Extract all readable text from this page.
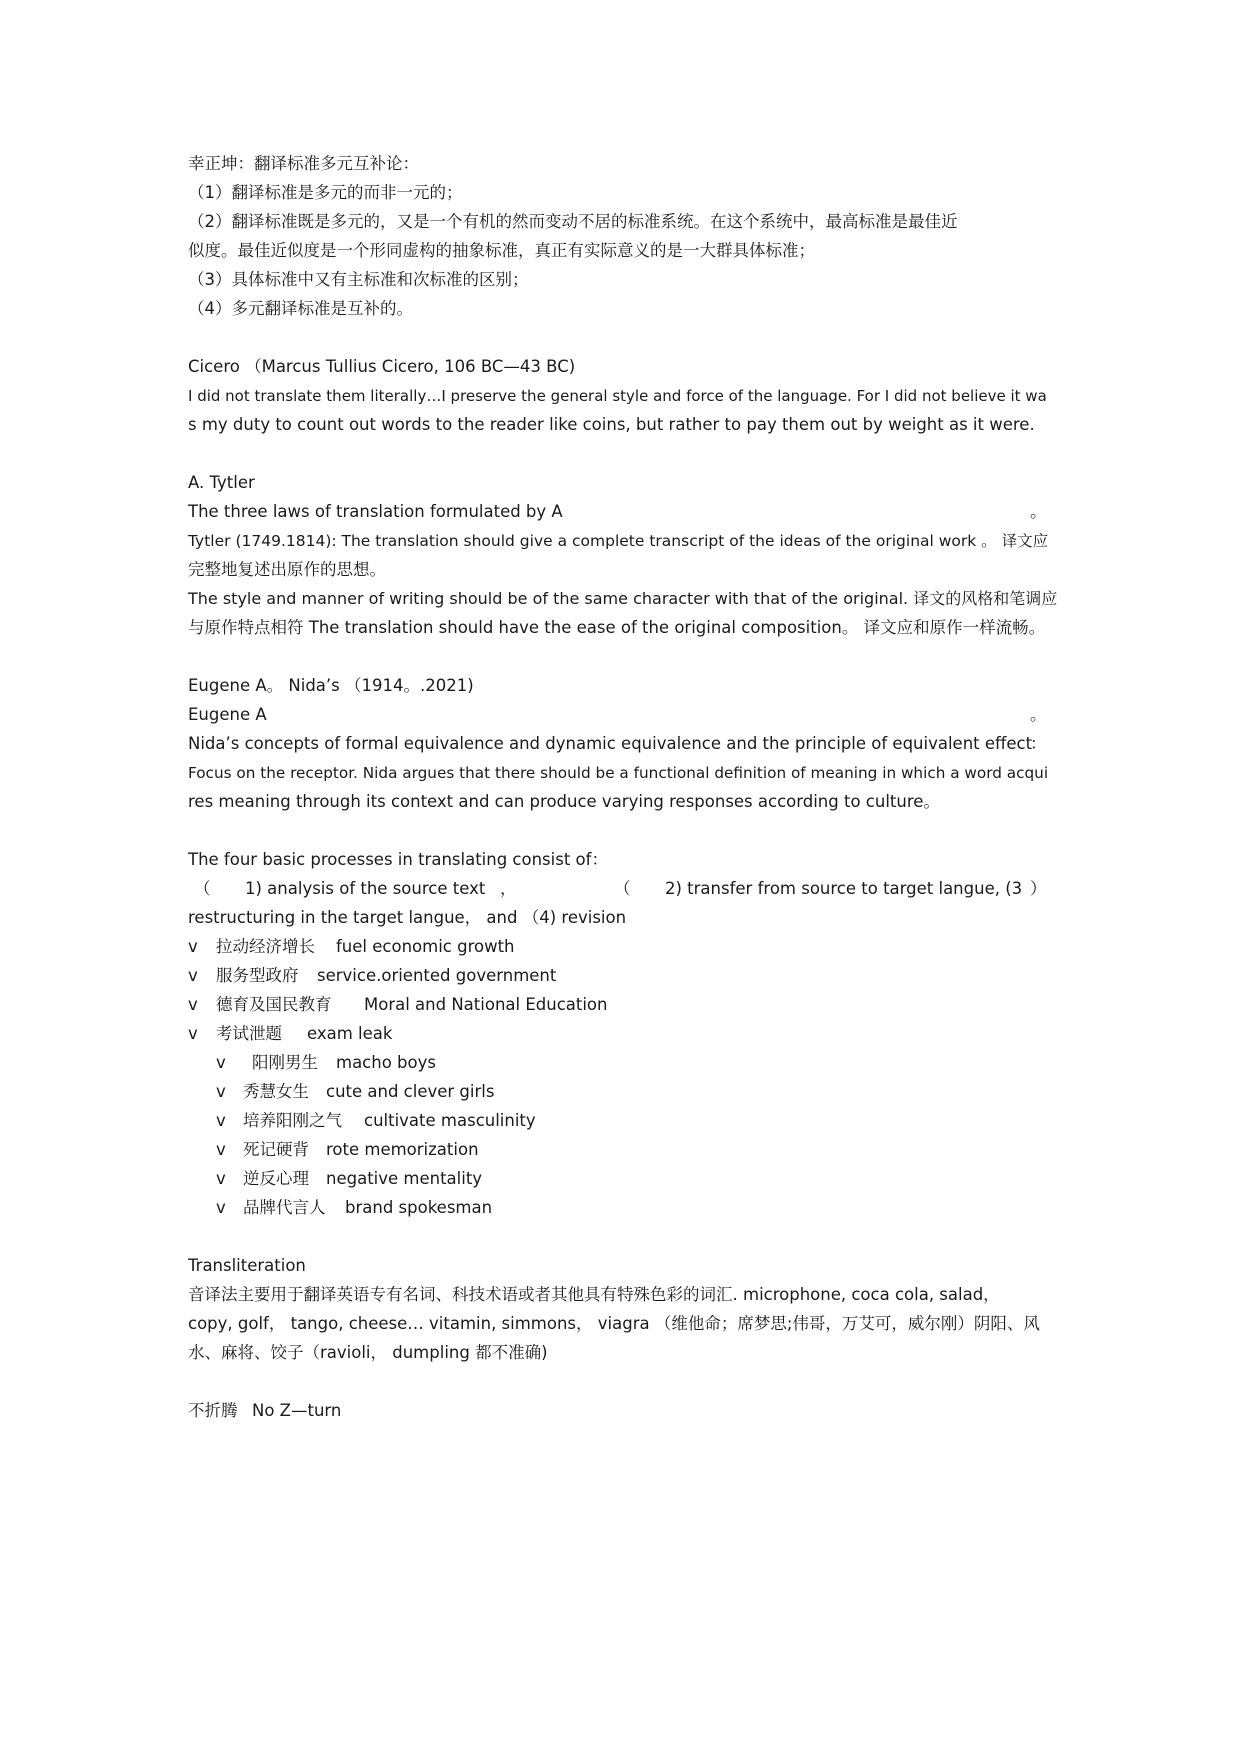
幸正坤：翻译标准多元互补论：
（1）翻译标准是多元的而非一元的；
（2）翻译标准既是多元的，又是一个有机的然而变动不居的标准系统。在这个系统中，最高标准是最佳近
似度。最佳近似度是一个形同虚构的抽象标准，真正有实际意义的是一大群具体标准；
（3）具体标准中又有主标准和次标准的区别；
（4）多元翻译标准是互补的。
Cicero （Marcus Tullius Cicero, 106 BC—43 BC)
I did not translate them literally…I preserve the general style and force of the language. For I did not believe it wa
s my duty to count out words to the reader like coins, but rather to pay them out by weight as it were.
A. Tytler
The three laws of translation formulated by A	。
Tytler (1749.1814): The translation should give a complete transcript of the ideas of the original work 。 译文应
完整地复述出原作的思想。
The style and manner of writing should be of the same character with that of the original. 译文的风格和笔调应
与原作特点相符 The translation should have the ease of the original composition。 译文应和原作一样流畅。
Eugene A。 Nida’s （1914。.2021)
Eugene A	。
Nida’s concepts of formal equivalence and dynamic equivalence and the principle of equivalent effect
：
Focus on the receptor. Nida argues that there should be a functional definition of meaning in which a word acqui
res meaning through its context and can produce varying responses according to culture。
The four basic processes in translating consist of：
（ 1) analysis of the source text ，	（ 2) transfer from source to target langue, (3 ）
restructuring in the target langue， and （4) revision
v 拉动经济增长 fuel economic growth
v 服务型政府 service.oriented government
v 德育及国民教育 Moral and National Education
v 考试泄题 exam leak
v 阳刚男生 macho boys
v 秀慧女生 cute and clever girls
v 培养阳刚之气 cultivate masculinity
v 死记硬背 rote memorization
v 逆反心理 negative mentality
v 品牌代言人 brand spokesman
Transliteration
音译法主要用于翻译英语专有名词、科技术语或者其他具有特殊色彩的词汇. microphone, coca cola, salad，
copy, golf， tango, cheese… vitamin, simmons， viagra （维他命；席梦思;伟哥，万艾可，威尔刚）阴阳、风
水、麻将、饺子（ravioli， dumpling 都不准确)
不折腾 No Z—turn
